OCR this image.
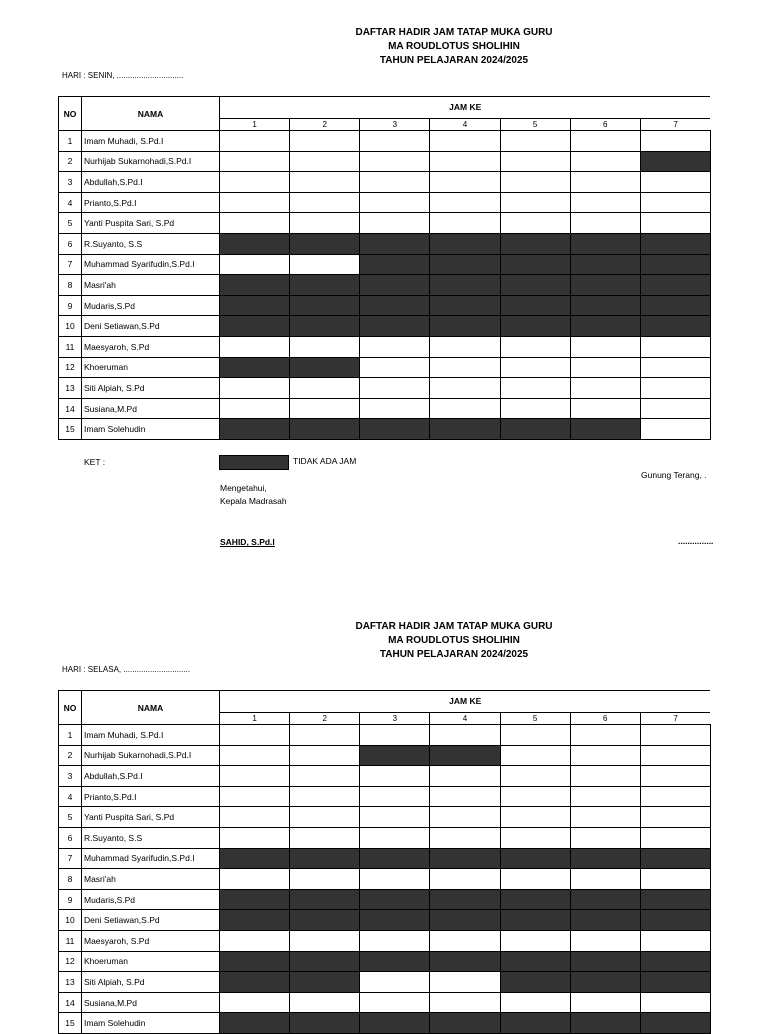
DAFTAR HADIR JAM TATAP MUKA GURU
MA ROUDLOTUS SHOLIHIN
TAHUN PELAJARAN 2024/2025
HARI : SENIN, ..............................
NO	NAMA	JAM KE						
		1	2	3	4	5	6	7
1	Imam Muhadi, S.Pd.I							
2	Nurhijab Sukarnohadi,S.Pd.I							
3	Abdullah,S.Pd.I							
4	Prianto,S.Pd.I							
5	Yanti Puspita Sari, S.Pd							
6	R.Suyanto, S.S							
7	Muhammad Syarifudin,S.Pd.I							
8	Masri'ah							
9	Mudaris,S.Pd							
10	Deni Setiawan,S.Pd							
11	Maesyaroh, S.Pd							
12	Khoeruman							
13	Siti Alpiah, S.Pd							
14	Susiana,M.Pd							
15	Imam Solehudin							
KET :	TIDAK ADA JAM
Gunung Terang, .
Mengetahui,
Kepala Madrasah
SAHID, S.Pd.I	...............
DAFTAR HADIR JAM TATAP MUKA GURU
MA ROUDLOTUS SHOLIHIN
TAHUN PELAJARAN 2024/2025
HARI : SELASA, ..............................
NO	NAMA	JAM KE						
		1	2	3	4	5	6	7
1	Imam Muhadi, S.Pd.I							
2	Nurhijab Sukarnohadi,S.Pd.I							
3	Abdullah,S.Pd.I							
4	Prianto,S.Pd.I							
5	Yanti Puspita Sari, S.Pd							
6	R.Suyanto, S.S							
7	Muhammad Syarifudin,S.Pd.I							
8	Masri'ah							
9	Mudaris,S.Pd							
10	Deni Setiawan,S.Pd							
11	Maesyaroh, S.Pd							
12	Khoeruman							
13	Siti Alpiah, S.Pd							
14	Susiana,M.Pd							
15	Imam Solehudin							
